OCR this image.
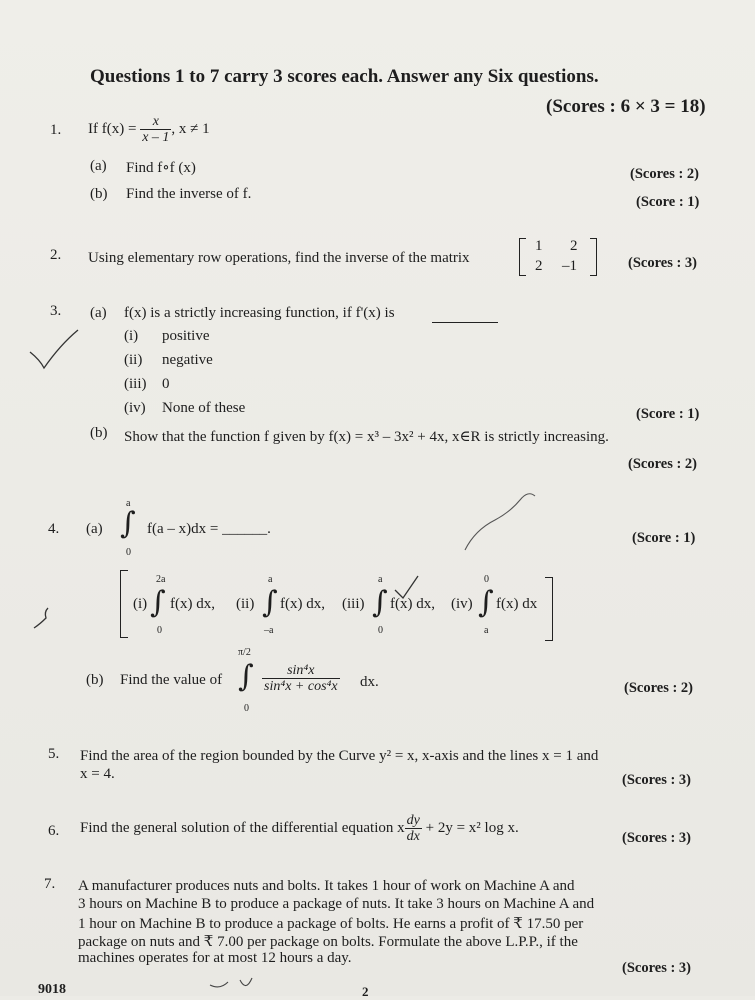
Questions 1 to 7 carry 3 scores each. Answer any Six questions.
(Scores : 6 × 3 = 18)
1. If $f(x) = \frac{x}{x - 1}$ , x ≠ 1
(a) Find f∘f (x)	(Scores : 2)
(b) Find the inverse of f.	(Score : 1)
2. Using elementary row operations, find the inverse of the matrix
1 2
2 –1	(Scores : 3)
3. (a) f(x) is a strictly increasing function, if f'(x) is
(i) positive
(ii) negative
(iii) 0
(iv) None of these	(Score : 1)
(b) Show that the function f given by f(x) = x³ – 3x² + 4x, x∈R is strictly increasing.
(Scores : 2)
4. (a)
a
∫
0
f(a – x)dx = ______.
(Score : 1)
(i)
2a
∫
0
f(x) dx, (ii)
a
∫
–a
f(x) dx, (iii)
a
∫
0
f(x) dx, (iv)
0
∫
a
f(x) dx
(b) Find the value of
π/2
∫
0
$\frac{\text{sin⁴x}}{\text{sin⁴x + cos⁴x}}$ dx.	(Scores : 2)
5. Find the area of the region bounded by the Curve y² = x, x-axis and the lines x = 1 and
x = 4.	(Scores : 3)
6. Find the general solution of the differential equation x $\frac{dy}{dx} + 2y = x^2$ log x.
(Scores : 3)
7. A manufacturer produces nuts and bolts. It takes 1 hour of work on Machine A and
3 hours on Machine B to produce a package of nuts. It take 3 hours on Machine A and
1 hour on Machine B to produce a package of bolts. He earns a profit of ₹ 17.50 per
package on nuts and ₹ 7.00 per package on bolts. Formulate the above L.P.P., if the
machines operates for at most 12 hours a day.
(Scores : 3)
9018	2
